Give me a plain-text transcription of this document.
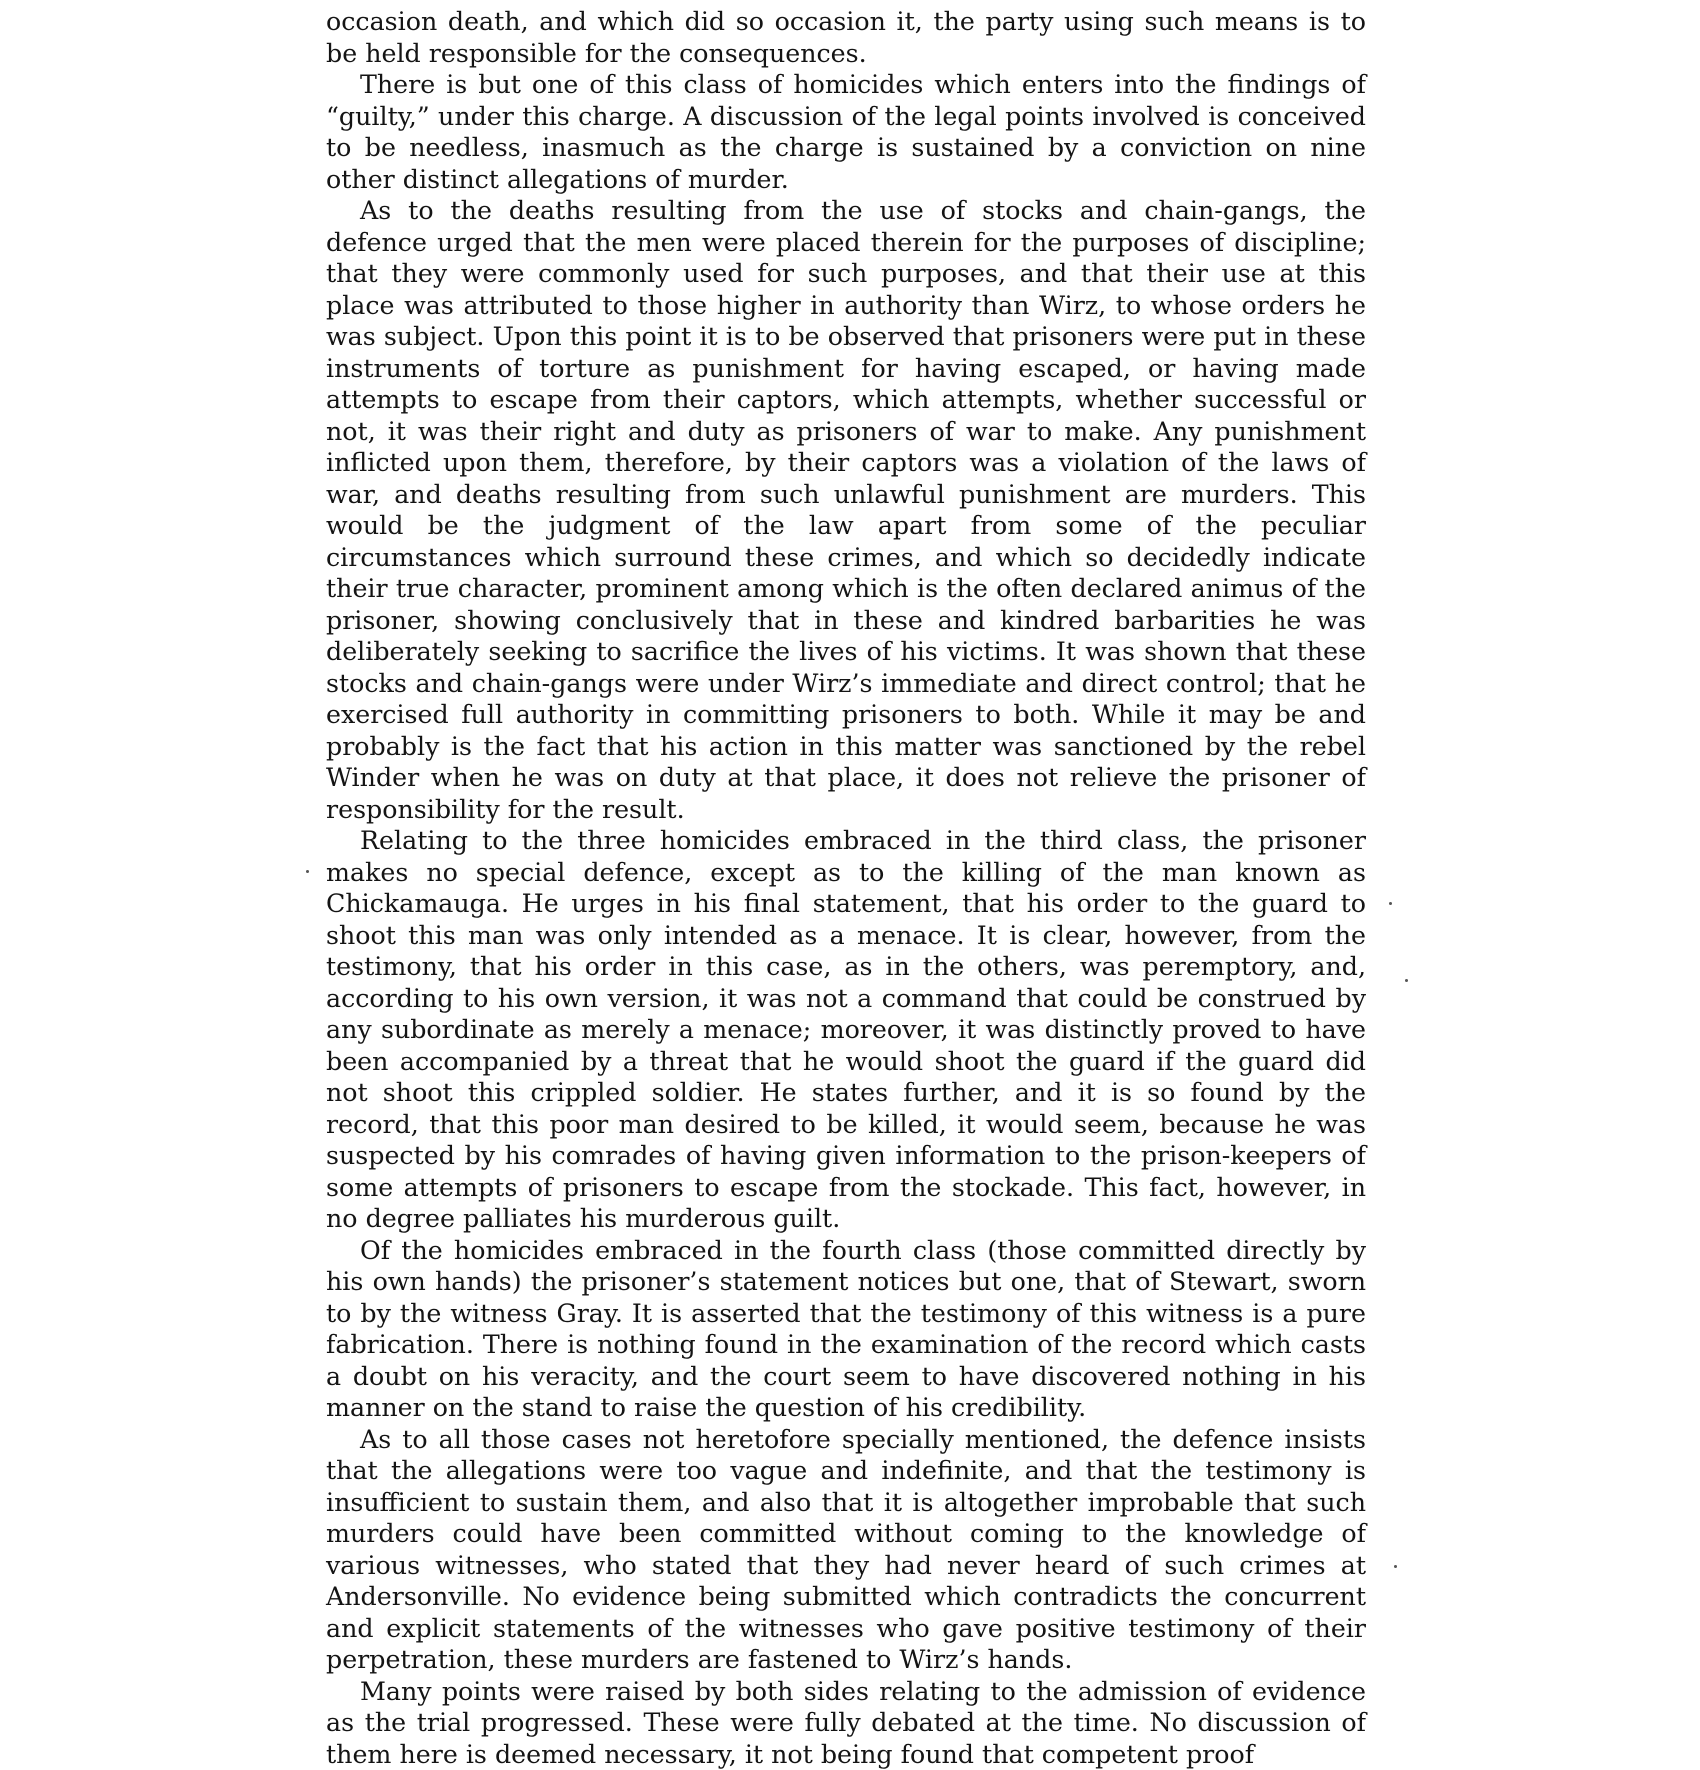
occasion death, and which did so occasion it, the party using such means is to be held responsible for the consequences.

There is but one of this class of homicides which enters into the findings of “guilty,” under this charge. A discussion of the legal points involved is conceived to be needless, inasmuch as the charge is sustained by a conviction on nine other distinct allegations of murder.

As to the deaths resulting from the use of stocks and chain-gangs, the defence urged that the men were placed therein for the purposes of discipline; that they were commonly used for such purposes, and that their use at this place was attributed to those higher in authority than Wirz, to whose orders he was subject. Upon this point it is to be observed that prisoners were put in these instruments of torture as punishment for having escaped, or having made attempts to escape from their captors, which attempts, whether successful or not, it was their right and duty as prisoners of war to make. Any punishment inflicted upon them, therefore, by their captors was a violation of the laws of war, and deaths resulting from such unlawful punishment are murders. This would be the judgment of the law apart from some of the peculiar circumstances which surround these crimes, and which so decidedly indicate their true character, prominent among which is the often declared animus of the prisoner, showing conclusively that in these and kindred barbarities he was deliberately seeking to sacrifice the lives of his victims. It was shown that these stocks and chain-gangs were under Wirz’s immediate and direct control; that he exercised full authority in committing prisoners to both. While it may be and probably is the fact that his action in this matter was sanctioned by the rebel Winder when he was on duty at that place, it does not relieve the prisoner of responsibility for the result.

Relating to the three homicides embraced in the third class, the prisoner makes no special defence, except as to the killing of the man known as Chickamauga. He urges in his final statement, that his order to the guard to shoot this man was only intended as a menace. It is clear, however, from the testimony, that his order in this case, as in the others, was peremptory, and, according to his own version, it was not a command that could be construed by any subordinate as merely a menace; moreover, it was distinctly proved to have been accompanied by a threat that he would shoot the guard if the guard did not shoot this crippled soldier. He states further, and it is so found by the record, that this poor man desired to be killed, it would seem, because he was suspected by his comrades of having given information to the prison-keepers of some attempts of prisoners to escape from the stockade. This fact, however, in no degree palliates his murderous guilt.

Of the homicides embraced in the fourth class (those committed directly by his own hands) the prisoner’s statement notices but one, that of Stewart, sworn to by the witness Gray. It is asserted that the testimony of this witness is a pure fabrication. There is nothing found in the examination of the record which casts a doubt on his veracity, and the court seem to have discovered nothing in his manner on the stand to raise the question of his credibility.

As to all those cases not heretofore specially mentioned, the defence insists that the allegations were too vague and indefinite, and that the testimony is insufficient to sustain them, and also that it is altogether improbable that such murders could have been committed without coming to the knowledge of various witnesses, who stated that they had never heard of such crimes at Andersonville. No evidence being submitted which contradicts the concurrent and explicit statements of the witnesses who gave positive testimony of their perpetration, these murders are fastened to Wirz’s hands.

Many points were raised by both sides relating to the admission of evidence as the trial progressed. These were fully debated at the time. No discussion of them here is deemed necessary, it not being found that competent proof
